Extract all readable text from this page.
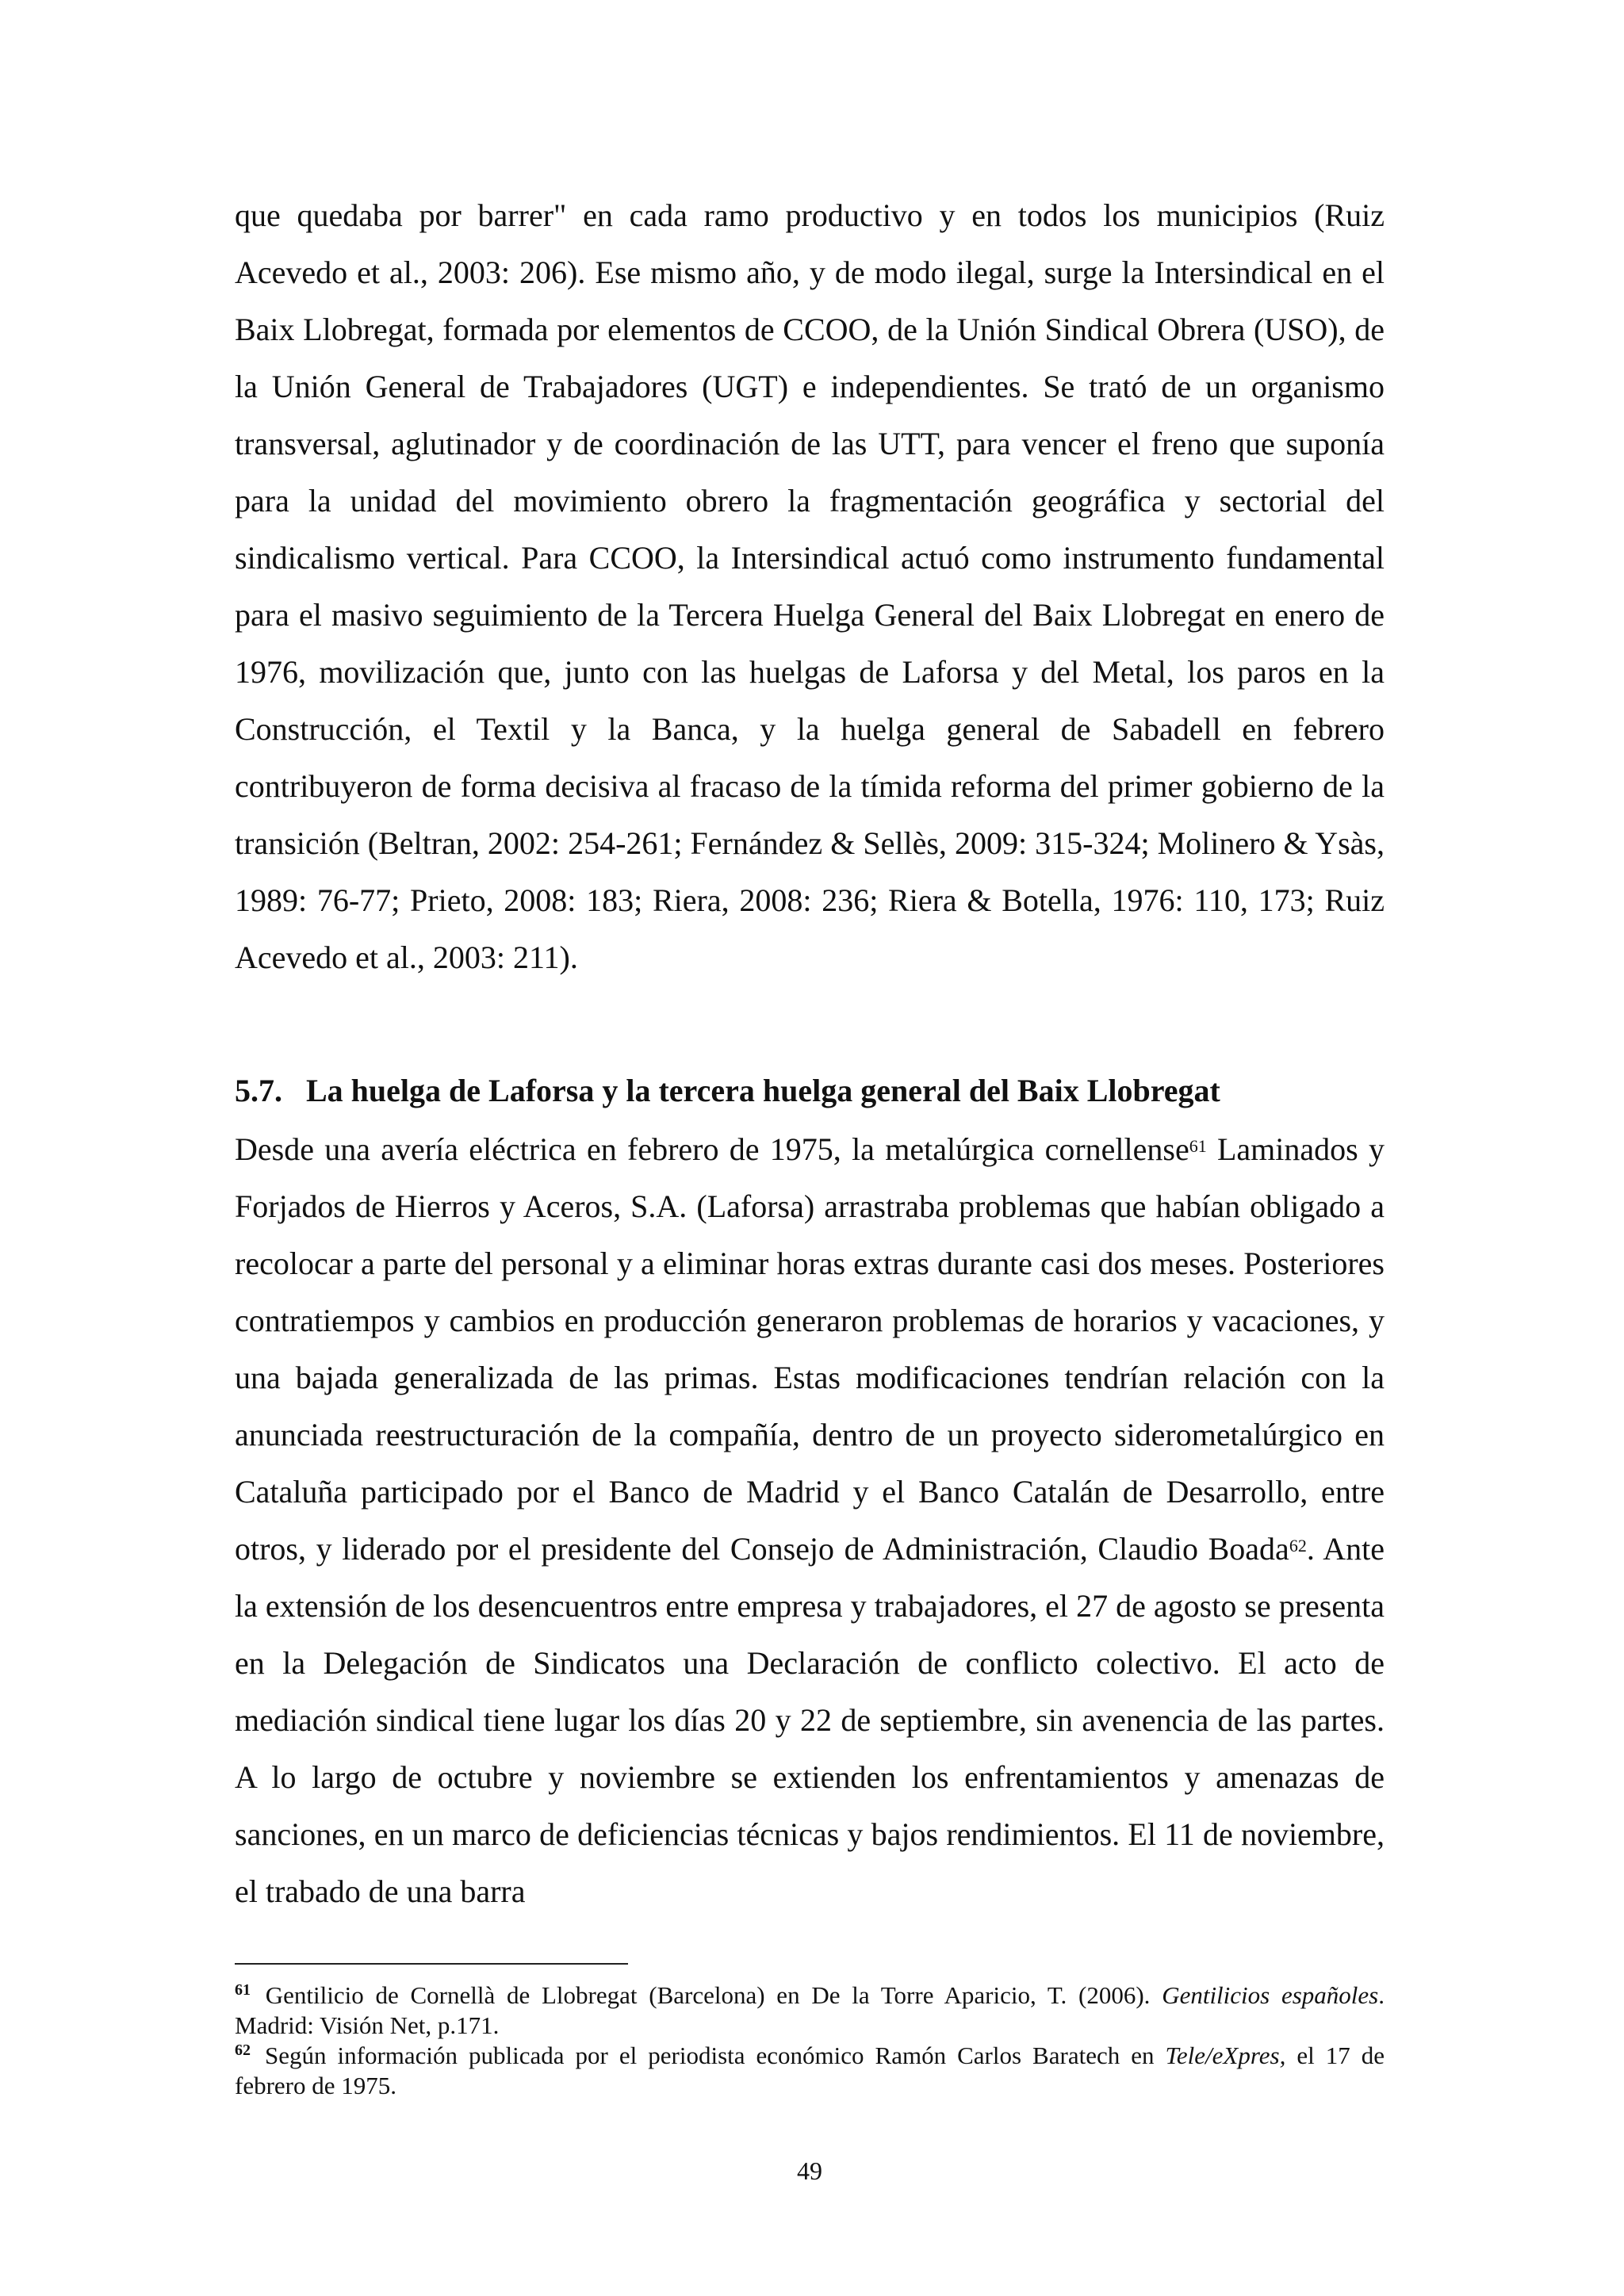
que quedaba por barrer" en cada ramo productivo y en todos los municipios (Ruiz Acevedo et al., 2003: 206). Ese mismo año, y de modo ilegal, surge la Intersindical en el Baix Llobregat, formada por elementos de CCOO, de la Unión Sindical Obrera (USO), de la Unión General de Trabajadores (UGT) e independientes. Se trató de un organismo transversal, aglutinador y de coordinación de las UTT, para vencer el freno que suponía para la unidad del movimiento obrero la fragmentación geográfica y sectorial del sindicalismo vertical. Para CCOO, la Intersindical actuó como instrumento fundamental para el masivo seguimiento de la Tercera Huelga General del Baix Llobregat en enero de 1976, movilización que, junto con las huelgas de Laforsa y del Metal, los paros en la Construcción, el Textil y la Banca, y la huelga general de Sabadell en febrero contribuyeron de forma decisiva al fracaso de la tímida reforma del primer gobierno de la transición (Beltran, 2002: 254-261; Fernández & Sellès, 2009: 315-324; Molinero & Ysàs, 1989: 76-77; Prieto, 2008: 183; Riera, 2008: 236; Riera & Botella, 1976: 110, 173; Ruiz Acevedo et al., 2003: 211).

5.7. La huelga de Laforsa y la tercera huelga general del Baix Llobregat

Desde una avería eléctrica en febrero de 1975, la metalúrgica cornellense$^{61}$ Laminados y Forjados de Hierros y Aceros, S.A. (Laforsa) arrastraba problemas que habían obligado a recolocar a parte del personal y a eliminar horas extras durante casi dos meses. Posteriores contratiempos y cambios en producción generaron problemas de horarios y vacaciones, y una bajada generalizada de las primas. Estas modificaciones tendrían relación con la anunciada reestructuración de la compañía, dentro de un proyecto siderometalúrgico en Cataluña participado por el Banco de Madrid y el Banco Catalán de Desarrollo, entre otros, y liderado por el presidente del Consejo de Administración, Claudio Boada$^{62}$. Ante la extensión de los desencuentros entre empresa y trabajadores, el 27 de agosto se presenta en la Delegación de Sindicatos una Declaración de conflicto colectivo. El acto de mediación sindical tiene lugar los días 20 y 22 de septiembre, sin avenencia de las partes. A lo largo de octubre y noviembre se extienden los enfrentamientos y amenazas de sanciones, en un marco de deficiencias técnicas y bajos rendimientos. El 11 de noviembre, el trabado de una barra

$^{61}$ Gentilicio de Cornellà de Llobregat (Barcelona) en De la Torre Aparicio, T. (2006). Gentilicios españoles. Madrid: Visión Net, p.171.

$^{62}$ Según información publicada por el periodista económico Ramón Carlos Baratech en Tele/eXpres, el 17 de febrero de 1975.

49
